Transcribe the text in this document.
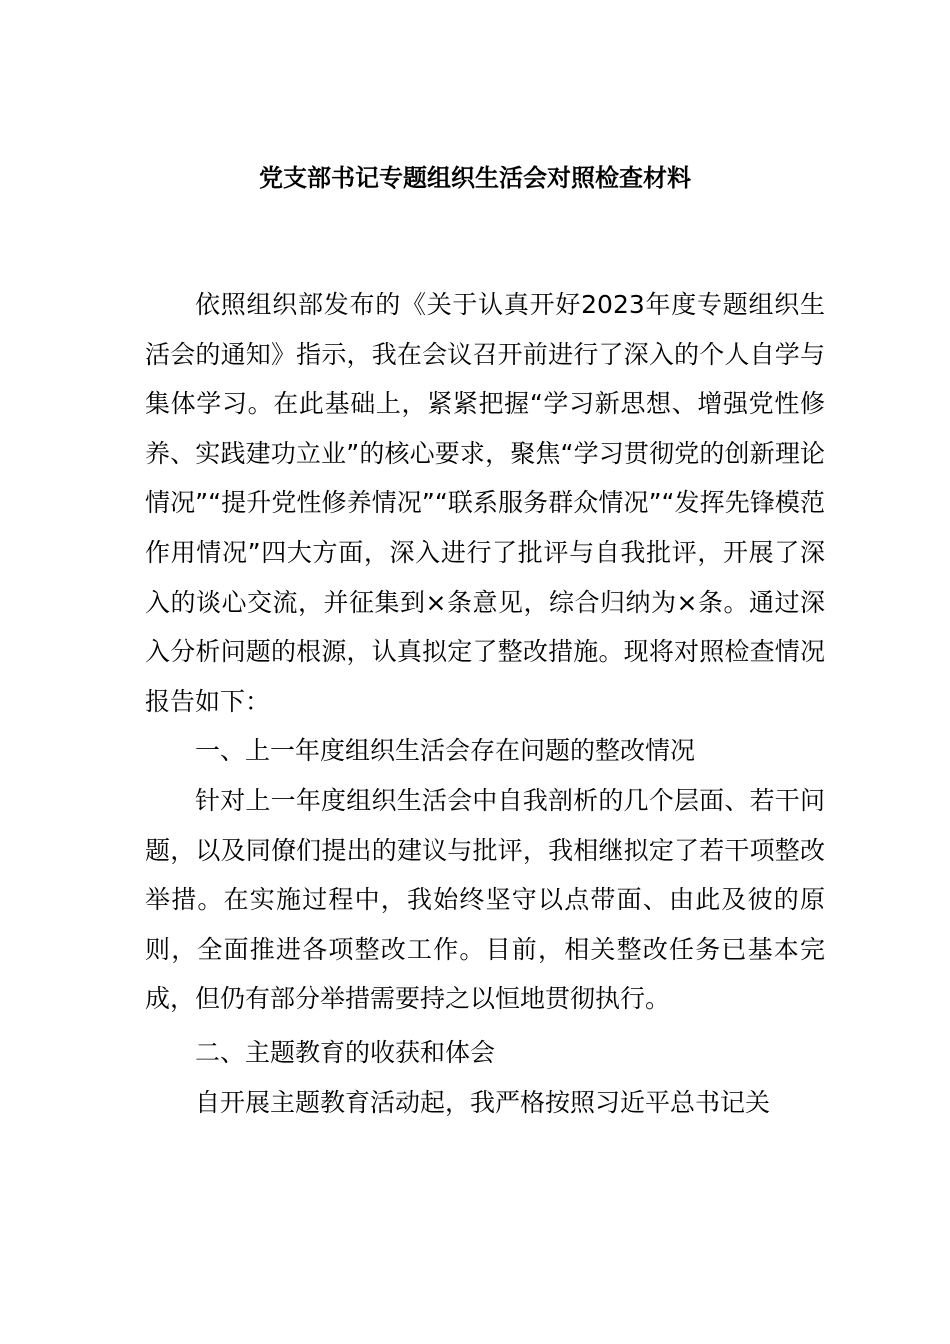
党支部书记专题组织生活会对照检查材料

依照组织部发布的《关于认真开好2023年度专题组织生活会的通知》指示，我在会议召开前进行了深入的个人自学与集体学习。在此基础上，紧紧把握“学习新思想、增强党性修养、实践建功立业”的核心要求，聚焦“学习贯彻党的创新理论情况”“提升党性修养情况”“联系服务群众情况”“发挥先锋模范作用情况”四大方面，深入进行了批评与自我批评，开展了深入的谈心交流，并征集到×条意见，综合归纳为×条。通过深入分析问题的根源，认真拟定了整改措施。现将对照检查情况报告如下：

一、上一年度组织生活会存在问题的整改情况

针对上一年度组织生活会中自我剖析的几个层面、若干问题，以及同僚们提出的建议与批评，我相继拟定了若干项整改举措。在实施过程中，我始终坚守以点带面、由此及彼的原则，全面推进各项整改工作。目前，相关整改任务已基本完成，但仍有部分举措需要持之以恒地贯彻执行。

二、主题教育的收获和体会

自开展主题教育活动起，我严格按照习近平总书记关
